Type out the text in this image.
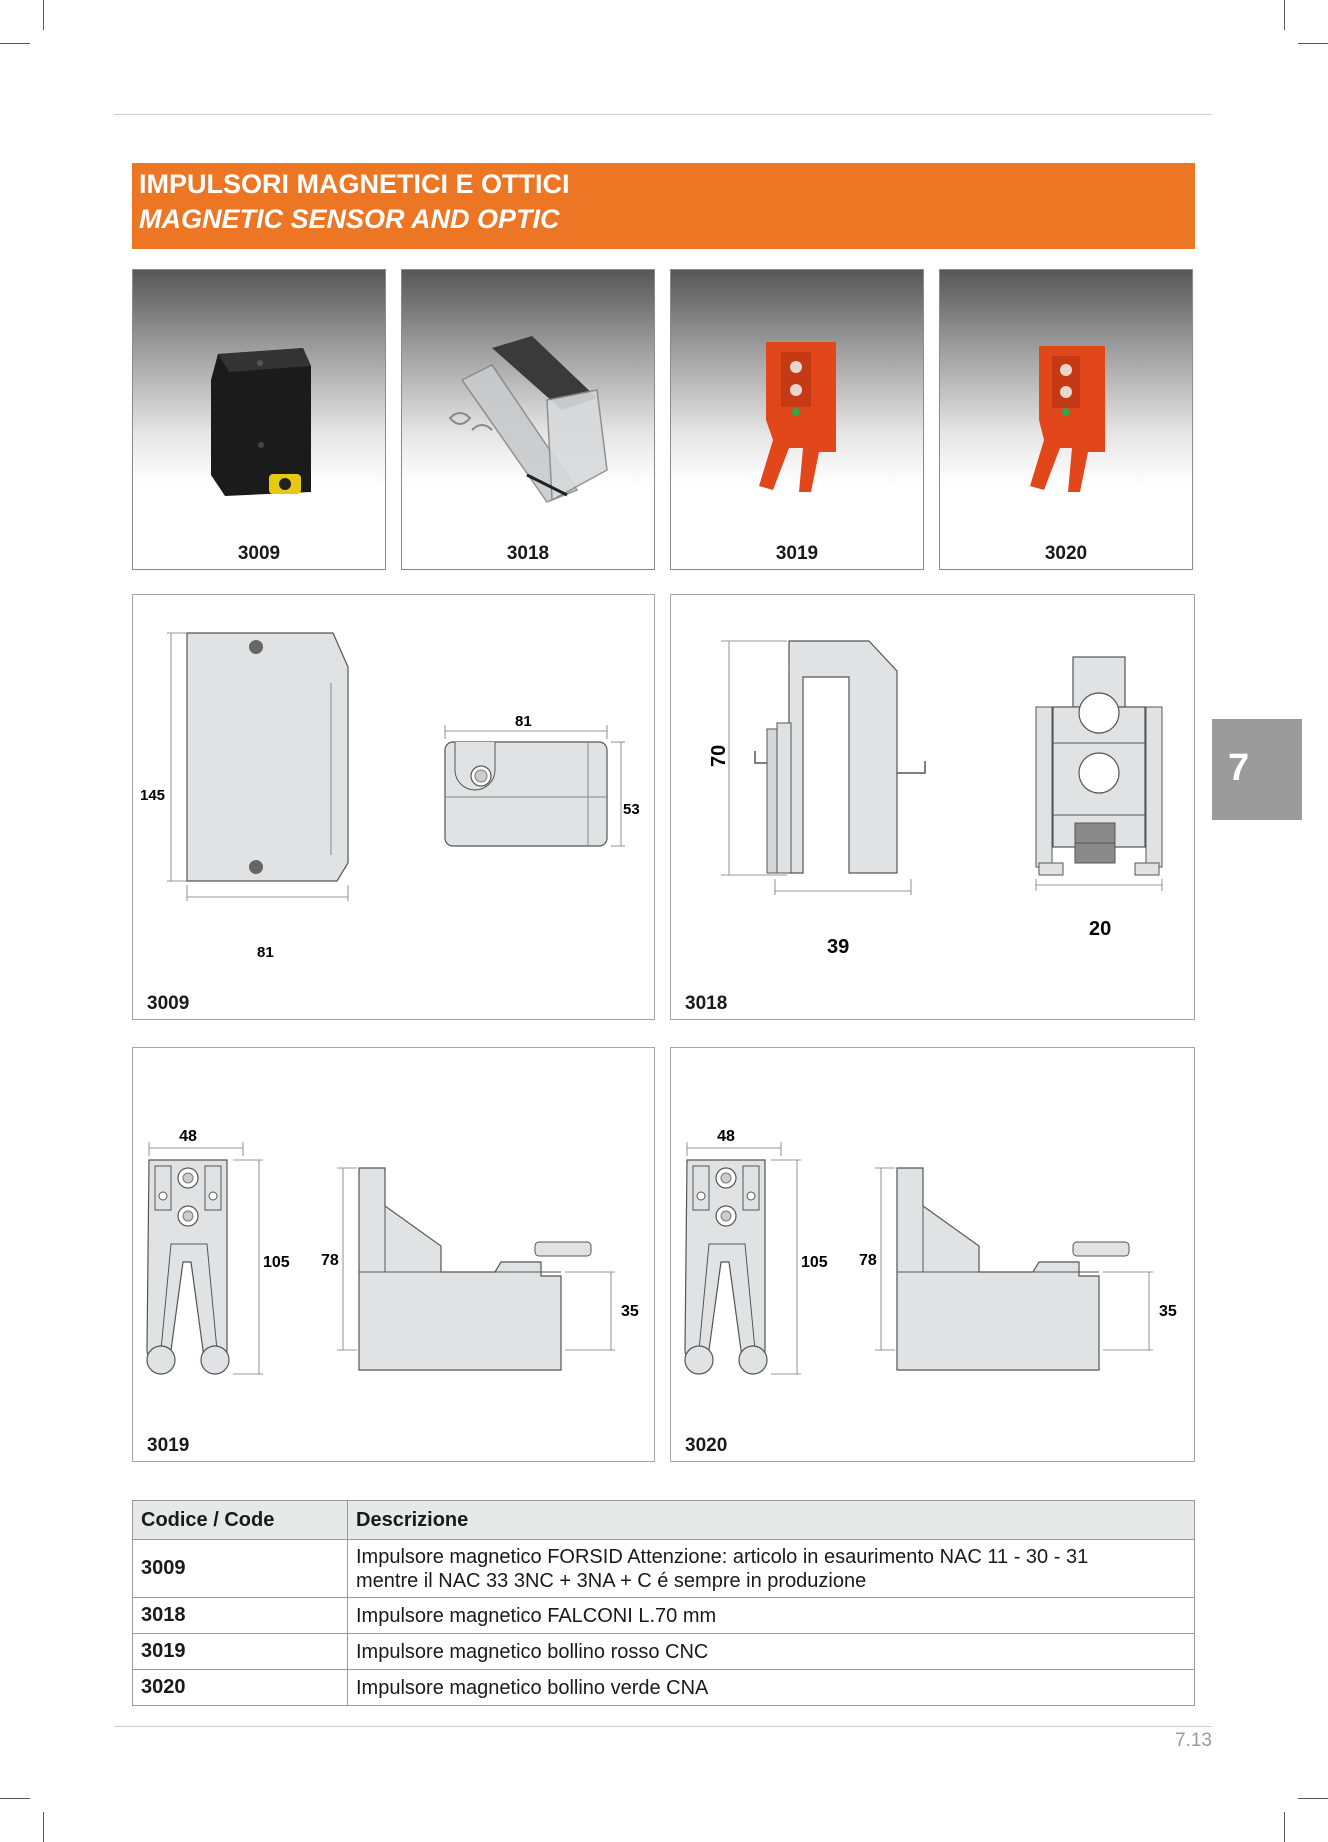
IMPULSORI MAGNETICI E OTTICI
MAGNETIC SENSOR AND OPTIC
3009	3018	3019	3020
145
81
81
53
3009
70
39
20
3018
48
105 78
35
3019
48
105 78
35
3020
7
Codice / Code	Descrizione
3009	Impulsore magnetico FORSID Attenzione: articolo in esaurimento NAC 11 - 30 - 31
mentre il NAC 33 3NC + 3NA + C é sempre in produzione
3018	Impulsore magnetico FALCONI L.70 mm
3019	Impulsore magnetico bollino rosso CNC
3020	Impulsore magnetico bollino verde CNA
7.13
